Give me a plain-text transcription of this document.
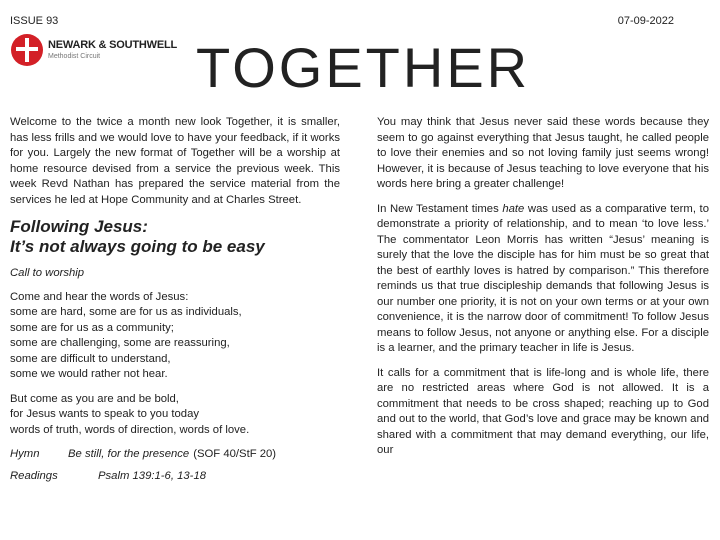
ISSUE 93	07-09-2022
NEWARK & SOUTHWELL
Methodist Circuit	TOGETHER

Welcome to the twice a month new look Together, it is smaller, has less frills and we would love to have your feedback, if it works for you. Largely the new format of Together will be a worship at home resource devised from a service the previous week. This week Revd Nathan has prepared the service material from the services he led at Hope Community and at Charles Street.

Following Jesus:
It’s not always going to be easy
Call to worship
Come and hear the words of Jesus:
some are hard, some are for us as individuals,
some are for us as a community;
some are challenging, some are reassuring,
some are difficult to understand,
some we would rather not hear.
But come as you are and be bold,
for Jesus wants to speak to you today
words of truth, words of direction, words of love.
Hymn	Be still, for the presence (SOF 40/StF 20)
Readings	Psalm 139:1-6, 13-18

You may think that Jesus never said these words because they seem to go against everything that Jesus taught, he called people to love their enemies and so not loving family just seems wrong! However, it is because of Jesus teaching to love everyone that his words here bring a greater challenge!

In New Testament times hate was used as a comparative term, to demonstrate a priority of relationship, and to mean ‘to love less.’ The commentator Leon Morris has written “Jesus’ meaning is surely that the love the disciple has for him must be so great that the best of earthly loves is hatred by comparison.” This therefore reminds us that true discipleship demands that following Jesus is our number one priority, it is not on your own terms or at your own convenience, it is the narrow door of commitment! To follow Jesus means to follow Jesus, not anyone or anything else. For a disciple is a learner, and the primary teacher in life is Jesus.

It calls for a commitment that is life-long and is whole life, there are no restricted areas where God is not allowed. It is a commitment that needs to be cross shaped; reaching up to God and out to the world, that God’s love and grace may be known and shared with a commitment that may demand everything, our life, our
